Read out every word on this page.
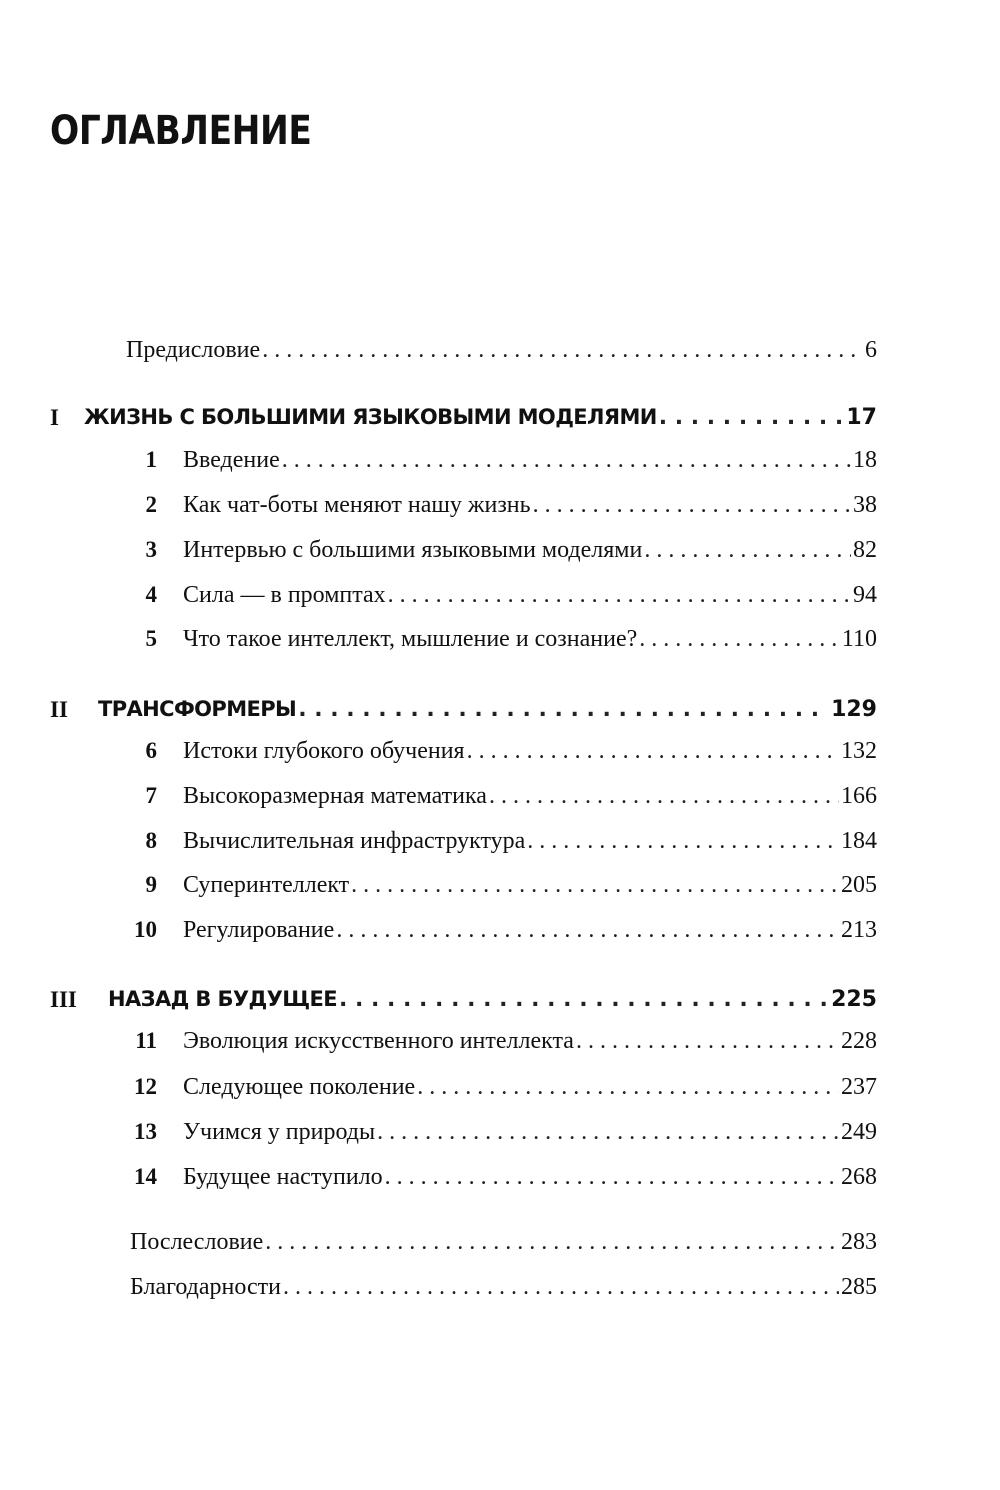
ОГЛАВЛЕНИЕ
Предисловие . . .	6
I ЖИЗНЬ С БОЛЬШИМИ ЯЗЫКОВЫМИ МОДЕЛЯМИ . . .	17
1 Введение . . .	18
2 Как чат-боты меняют нашу жизнь . . .	38
3 Интервью с большими языковыми моделями . . .	82
4 Сила — в промптах . . .	94
5 Что такое интеллект, мышление и сознание? . . .	110
II ТРАНСФОРМЕРЫ . . .	129
6 Истоки глубокого обучения . . .	132
7 Высокоразмерная математика . . .	166
8 Вычислительная инфраструктура . . .	184
9 Суперинтеллект . . .	205
10 Регулирование . . .	213
III НАЗАД В БУДУЩЕЕ . . .	225
11 Эволюция искусственного интеллекта . . .	228
12 Следующее поколение . . .	237
13 Учимся у природы . . .	249
14 Будущее наступило . . .	268
Послесловие . . .	283
Благодарности . . .	285
